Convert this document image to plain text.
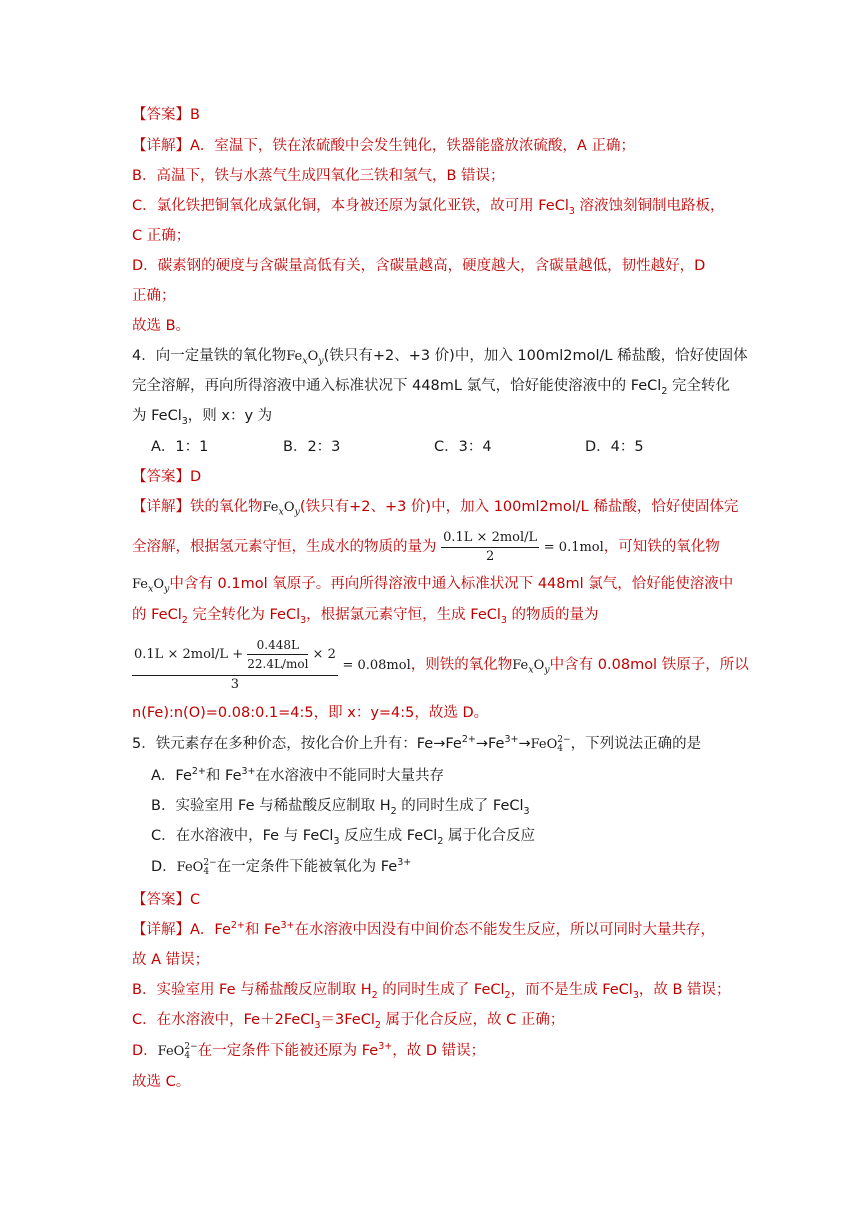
【答案】B
【详解】A．室温下，铁在浓硫酸中会发生钝化，铁器能盛放浓硫酸，A 正确；
B．高温下，铁与水蒸气生成四氧化三铁和氢气，B 错误；
C．氯化铁把铜氧化成氯化铜，本身被还原为氯化亚铁，故可用 FeCl$_3$ 溶液蚀刻铜制电路板，
C 正确；
D．碳素钢的硬度与含碳量高低有关，含碳量越高，硬度越大，含碳量越低，韧性越好，D
正确；
故选 B。
4．向一定量铁的氧化物$Fe_xO_y$(铁只有+2、+3 价)中，加入 100ml2mol/L 稀盐酸，恰好使固体
完全溶解，再向所得溶液中通入标准状况下 448mL 氯气，恰好能使溶液中的 FeCl$_2$ 完全转化
为 FeCl$_3$，则 x：y 为
A．1：1	B．2：3	C．3：4	D．4：5
【答案】D
【详解】铁的氧化物$Fe_xO_y$(铁只有+2、+3 价)中，加入 100ml2mol/L 稀盐酸，恰好使固体完
全溶解，根据氢元素守恒，生成水的物质的量为 $\frac{\text{0.1L × 2mol/L}}{2} = 0.1mol$，可知铁的氧化物
$Fe_xO_y$中含有 0.1mol 氧原子。再向所得溶液中通入标准状况下 448ml 氯气，恰好能使溶液中
的 FeCl$_2$ 完全转化为 FeCl$_3$，根据氯元素守恒，生成 FeCl$_3$ 的物质的量为
$\frac{0.1L \times 2mol/L + \frac{0.448L}{\text{22.4L/mol}} \times 2}{3} = 0.08mol$，则铁的氧化物$Fe_xO_y$中含有 0.08mol 铁原子，所以
n(Fe):n(O)=0.08:0.1=4:5，即 x：y=4:5，故选 D。
5．铁元素存在多种价态，按化合价上升有：$Fe\to Fe^{2+}\to Fe^{3+}\to FeO$ 2−
4 ，下列说法正确的是
A．$Fe^{2+}$和 $Fe^{3+}$在水溶液中不能同时大量共存
B．实验室用 Fe 与稀盐酸反应制取 $H_2$ 的同时生成了 FeCl$_3$
C．在水溶液中，Fe 与 FeCl$_3$ 反应生成 FeCl$_2$ 属于化合反应
D．FeO 2−
4 在一定条件下能被氧化为 $Fe^{3+}$
【答案】C
【详解】A．$Fe^{2+}$和 $Fe^{3+}$在水溶液中因没有中间价态不能发生反应，所以可同时大量共存，
故 A 错误；
B．实验室用 Fe 与稀盐酸反应制取 $H_2$ 的同时生成了 FeCl$_2$，而不是生成 FeCl$_3$，故 B 错误；
C．在水溶液中，Fe＋2FeCl$_3$＝3FeCl$_2$ 属于化合反应，故 C 正确；
D．FeO 2−
4 在一定条件下能被还原为 $Fe^{3+}$，故 D 错误；
故选 C。
